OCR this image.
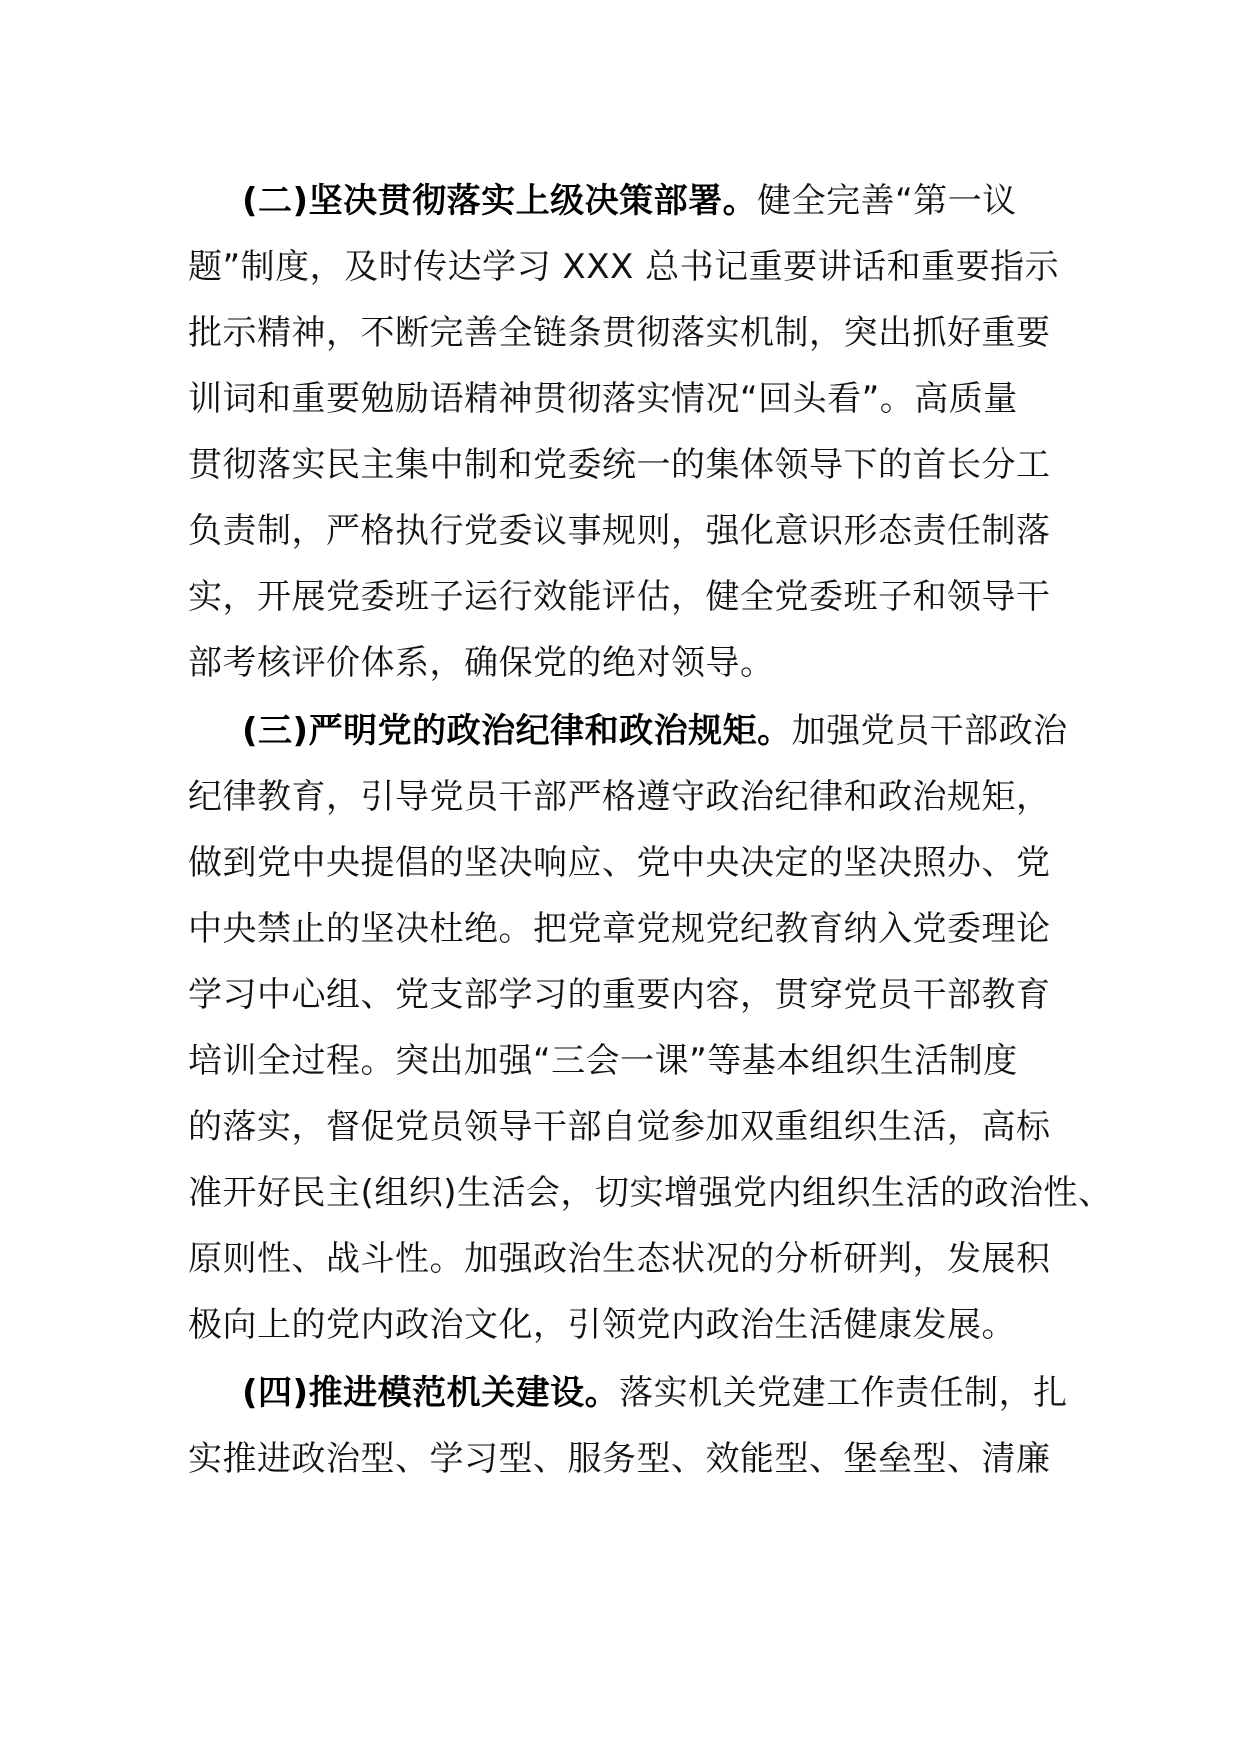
(二)坚决贯彻落实上级决策部署。健全完善“第一议
题”制度，及时传达学习 XXX 总书记重要讲话和重要指示
批示精神，不断完善全链条贯彻落实机制，突出抓好重要
训词和重要勉励语精神贯彻落实情况“回头看”。高质量
贯彻落实民主集中制和党委统一的集体领导下的首长分工
负责制，严格执行党委议事规则，强化意识形态责任制落
实，开展党委班子运行效能评估，健全党委班子和领导干
部考核评价体系，确保党的绝对领导。
(三)严明党的政治纪律和政治规矩。加强党员干部政治
纪律教育，引导党员干部严格遵守政治纪律和政治规矩，
做到党中央提倡的坚决响应、党中央决定的坚决照办、党
中央禁止的坚决杜绝。把党章党规党纪教育纳入党委理论
学习中心组、党支部学习的重要内容，贯穿党员干部教育
培训全过程。突出加强“三会一课”等基本组织生活制度
的落实，督促党员领导干部自觉参加双重组织生活，高标
准开好民主(组织)生活会，切实增强党内组织生活的政治性、
原则性、战斗性。加强政治生态状况的分析研判，发展积
极向上的党内政治文化，引领党内政治生活健康发展。
(四)推进模范机关建设。落实机关党建工作责任制，扎
实推进政治型、学习型、服务型、效能型、堡垒型、清廉
